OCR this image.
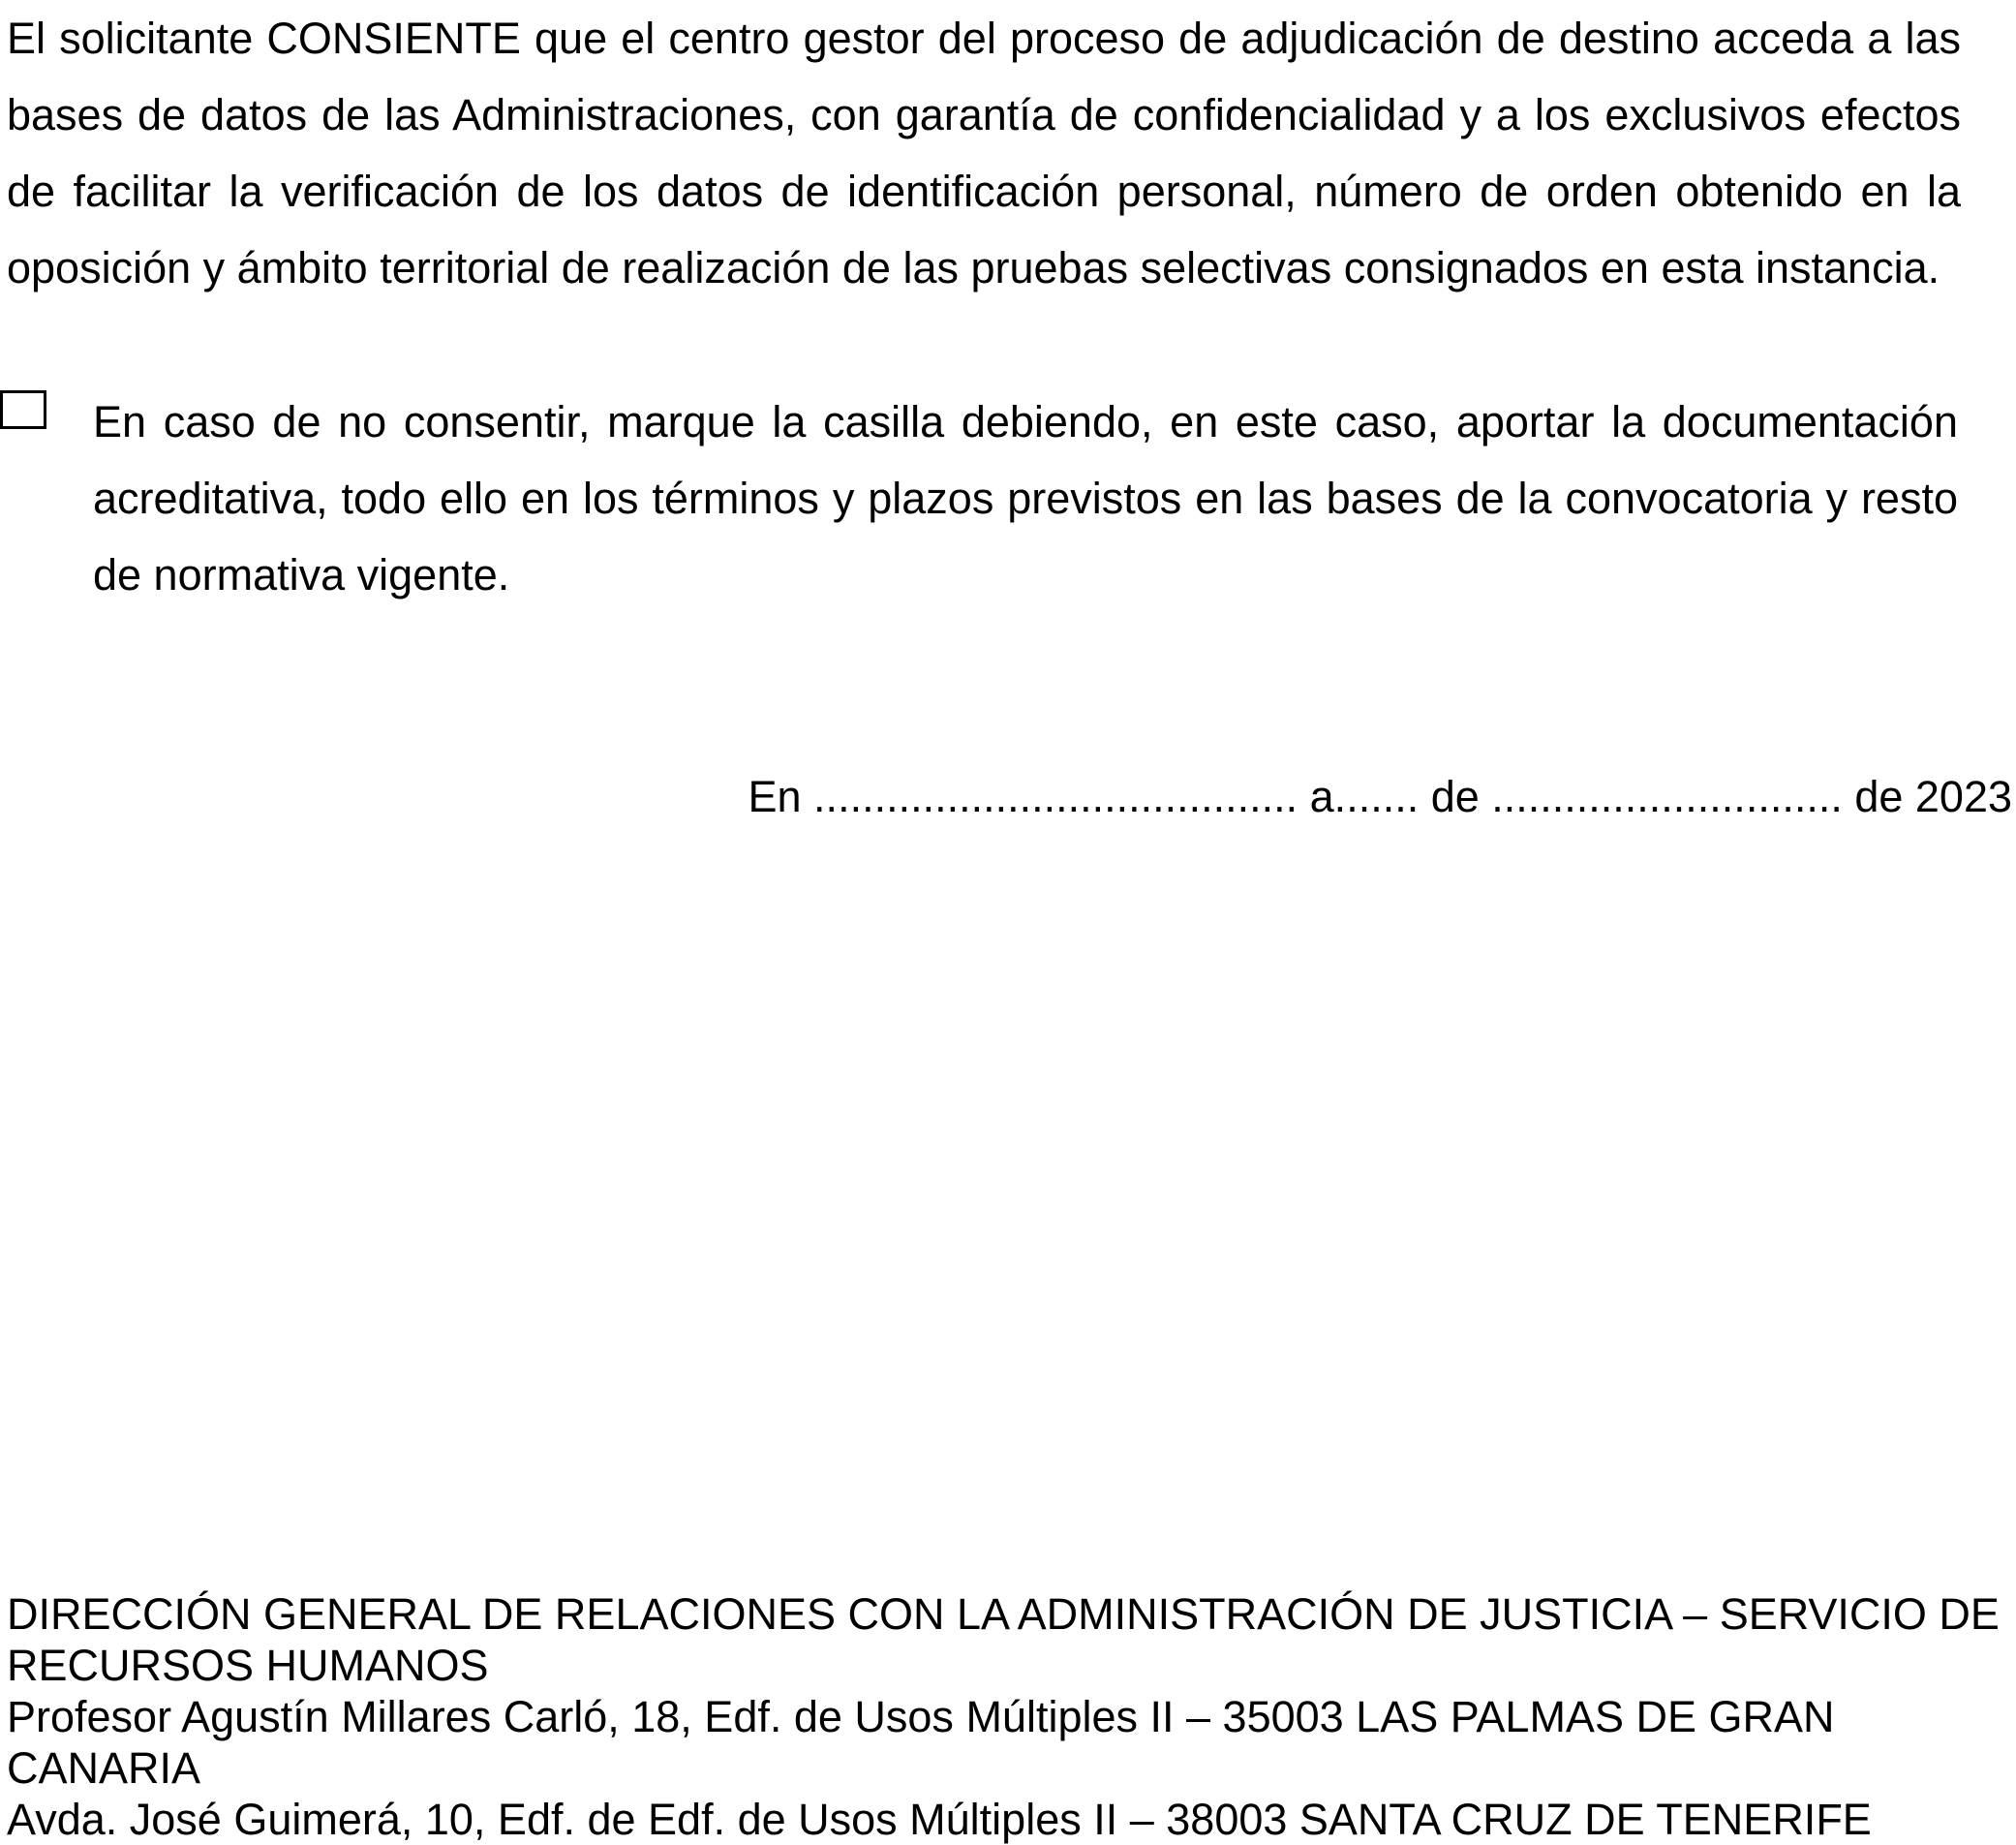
El solicitante CONSIENTE que el centro gestor del proceso de adjudicación de destino acceda a las bases de datos de las Administraciones, con garantía de confidencialidad y a los exclusivos efectos de facilitar la verificación de los datos de identificación personal, número de orden obtenido en la oposición y ámbito territorial de realización de las pruebas selectivas consignados en esta instancia.

En caso de no consentir, marque la casilla debiendo, en este caso, aportar la documentación acreditativa, todo ello en los términos y plazos previstos en las bases de la convocatoria y resto de normativa vigente.

En ........................................ a....... de ............................. de 2023

DIRECCIÓN GENERAL DE RELACIONES CON LA ADMINISTRACIÓN DE JUSTICIA – SERVICIO DE RECURSOS HUMANOS
Profesor Agustín Millares Carló, 18, Edf. de Usos Múltiples II – 35003 LAS PALMAS DE GRAN CANARIA
Avda. José Guimerá, 10, Edf. de Edf. de Usos Múltiples II – 38003 SANTA CRUZ DE TENERIFE
